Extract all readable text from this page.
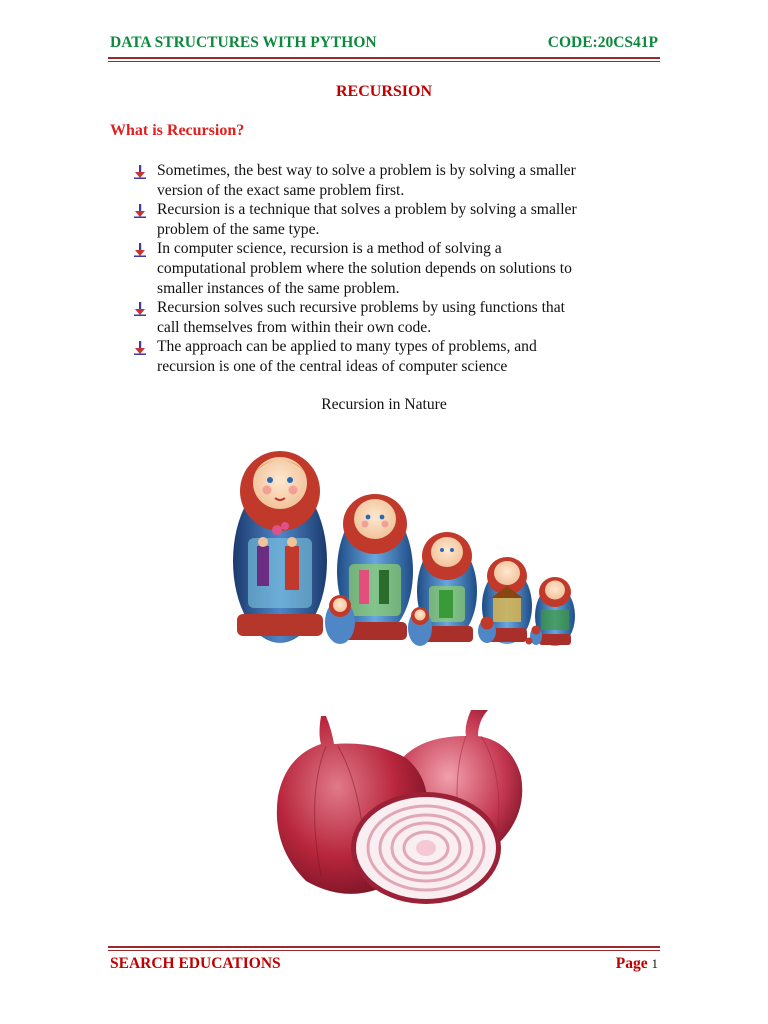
DATA STRUCTURES WITH PYTHON	CODE:20CS41P
RECURSION
What is Recursion?
Sometimes, the best way to solve a problem is by solving a smaller
version of the exact same problem first.
Recursion is a technique that solves a problem by solving a smaller
problem of the same type.
In computer science, recursion is a method of solving a
computational problem where the solution depends on solutions to
smaller instances of the same problem.
Recursion solves such recursive problems by using functions that
call themselves from within their own code.
The approach can be applied to many types of problems, and
recursion is one of the central ideas of computer science
Recursion in Nature
SEARCH EDUCATIONS	Page 1
